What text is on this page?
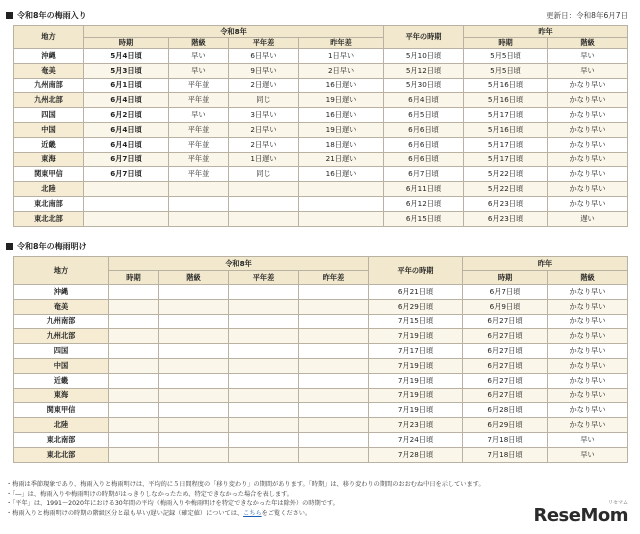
令和8年の梅雨入り	更新日：令和8年6月7日
地方	令和8年				平年の時期	昨年	
	時期	階級	平年差	昨年差		時期	階級
沖縄	5月4日頃	早い	6日早い	1日早い	5月10日頃	5月5日頃	早い
奄美	5月3日頃	早い	9日早い	2日早い	5月12日頃	5月5日頃	早い
九州南部	6月1日頃	平年並	2日遅い	16日遅い	5月30日頃	5月16日頃	かなり早い
九州北部	6月4日頃	平年並	同じ	19日遅い	6月4日頃	5月16日頃	かなり早い
四国	6月2日頃	早い	3日早い	16日遅い	6月5日頃	5月17日頃	かなり早い
中国	6月4日頃	平年並	2日早い	19日遅い	6月6日頃	5月16日頃	かなり早い
近畿	6月4日頃	平年並	2日早い	18日遅い	6月6日頃	5月17日頃	かなり早い
東海	6月7日頃	平年並	1日遅い	21日遅い	6月6日頃	5月17日頃	かなり早い
関東甲信	6月7日頃	平年並	同じ	16日遅い	6月7日頃	5月22日頃	かなり早い
北陸					6月11日頃	5月22日頃	かなり早い
東北南部					6月12日頃	6月23日頃	かなり早い
東北北部					6月15日頃	6月23日頃	遅い
令和8年の梅雨明け
地方	令和8年				平年の時期	昨年	
	時期	階級	平年差	昨年差		時期	階級
沖縄					6月21日頃	6月7日頃	かなり早い
奄美					6月29日頃	6月9日頃	かなり早い
九州南部					7月15日頃	6月27日頃	かなり早い
九州北部					7月19日頃	6月27日頃	かなり早い
四国					7月17日頃	6月27日頃	かなり早い
中国					7月19日頃	6月27日頃	かなり早い
近畿					7月19日頃	6月27日頃	かなり早い
東海					7月19日頃	6月27日頃	かなり早い
関東甲信					7月19日頃	6月28日頃	かなり早い
北陸					7月23日頃	6月29日頃	かなり早い
東北南部					7月24日頃	7月18日頃	早い
東北北部					7月28日頃	7月18日頃	早い

・梅雨は季節現象であり、梅雨入りと梅雨明けは、平均的に５日間程度の「移り変わり」の期間があります。「時期」は、移り変わりの期間のおおむね中日を示しています。

・「―」は、梅雨入りや梅雨明けの時期がはっきりしなかったため、特定できなかった場合を表します。

・「平年」は、1991～2020年における30年間の平均（梅雨入りや梅雨明けを特定できなかった年は除外）の時期です。

・梅雨入りと梅雨明けの時期の階級区分と最も早い/遅い記録（確定値）については、こちらをご覧ください。

リセマム
ReseMom
